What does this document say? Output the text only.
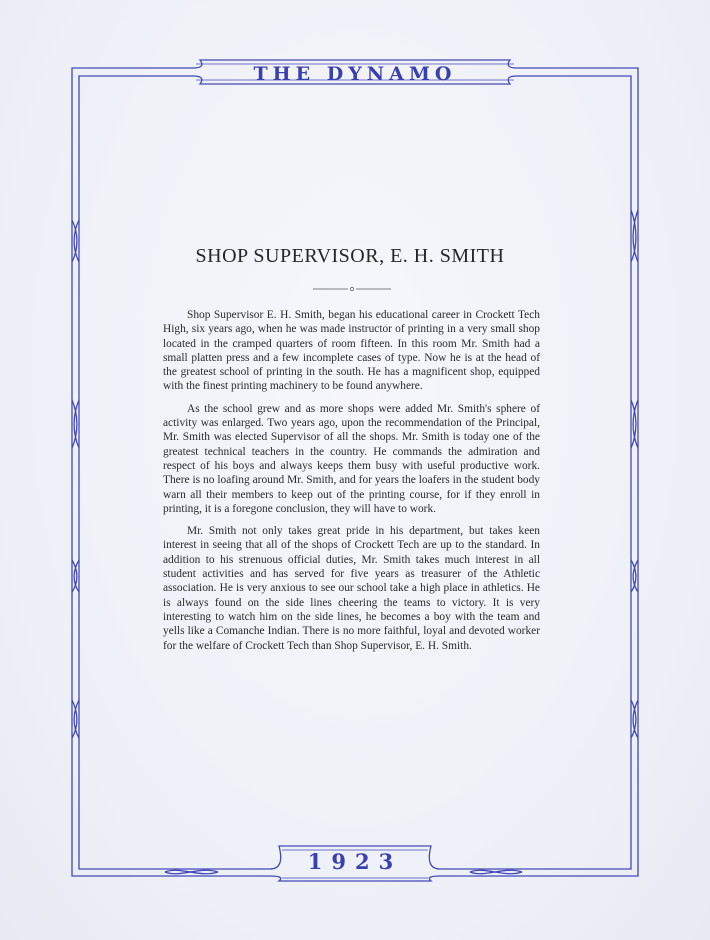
THE DYNAMO
SHOP SUPERVISOR, E. H. SMITH

Shop Supervisor E. H. Smith, began his educational career in Crockett Tech High, six years ago, when he was made instructor of printing in a very small shop located in the cramped quarters of room fifteen. In this room Mr. Smith had a small platten press and a few incomplete cases of type. Now he is at the head of the greatest school of printing in the south. He has a magnificent shop, equipped with the finest printing machinery to be found anywhere.

As the school grew and as more shops were added Mr. Smith's sphere of activity was enlarged. Two years ago, upon the recommendation of the Principal, Mr. Smith was elected Supervisor of all the shops. Mr. Smith is today one of the greatest technical teachers in the country. He commands the admiration and respect of his boys and always keeps them busy with useful productive work. There is no loafing around Mr. Smith, and for years the loafers in the student body warn all their members to keep out of the printing course, for if they enroll in printing, it is a foregone conclusion, they will have to work.

Mr. Smith not only takes great pride in his department, but takes keen interest in seeing that all of the shops of Crockett Tech are up to the standard. In addition to his strenuous official duties, Mr. Smith takes much interest in all student activities and has served for five years as treasurer of the Athletic association. He is very anxious to see our school take a high place in athletics. He is always found on the side lines cheering the teams to victory. It is very interesting to watch him on the side lines, he becomes a boy with the team and yells like a Comanche Indian. There is no more faithful, loyal and devoted worker for the welfare of Crockett Tech than Shop Supervisor, E. H. Smith.

1923
